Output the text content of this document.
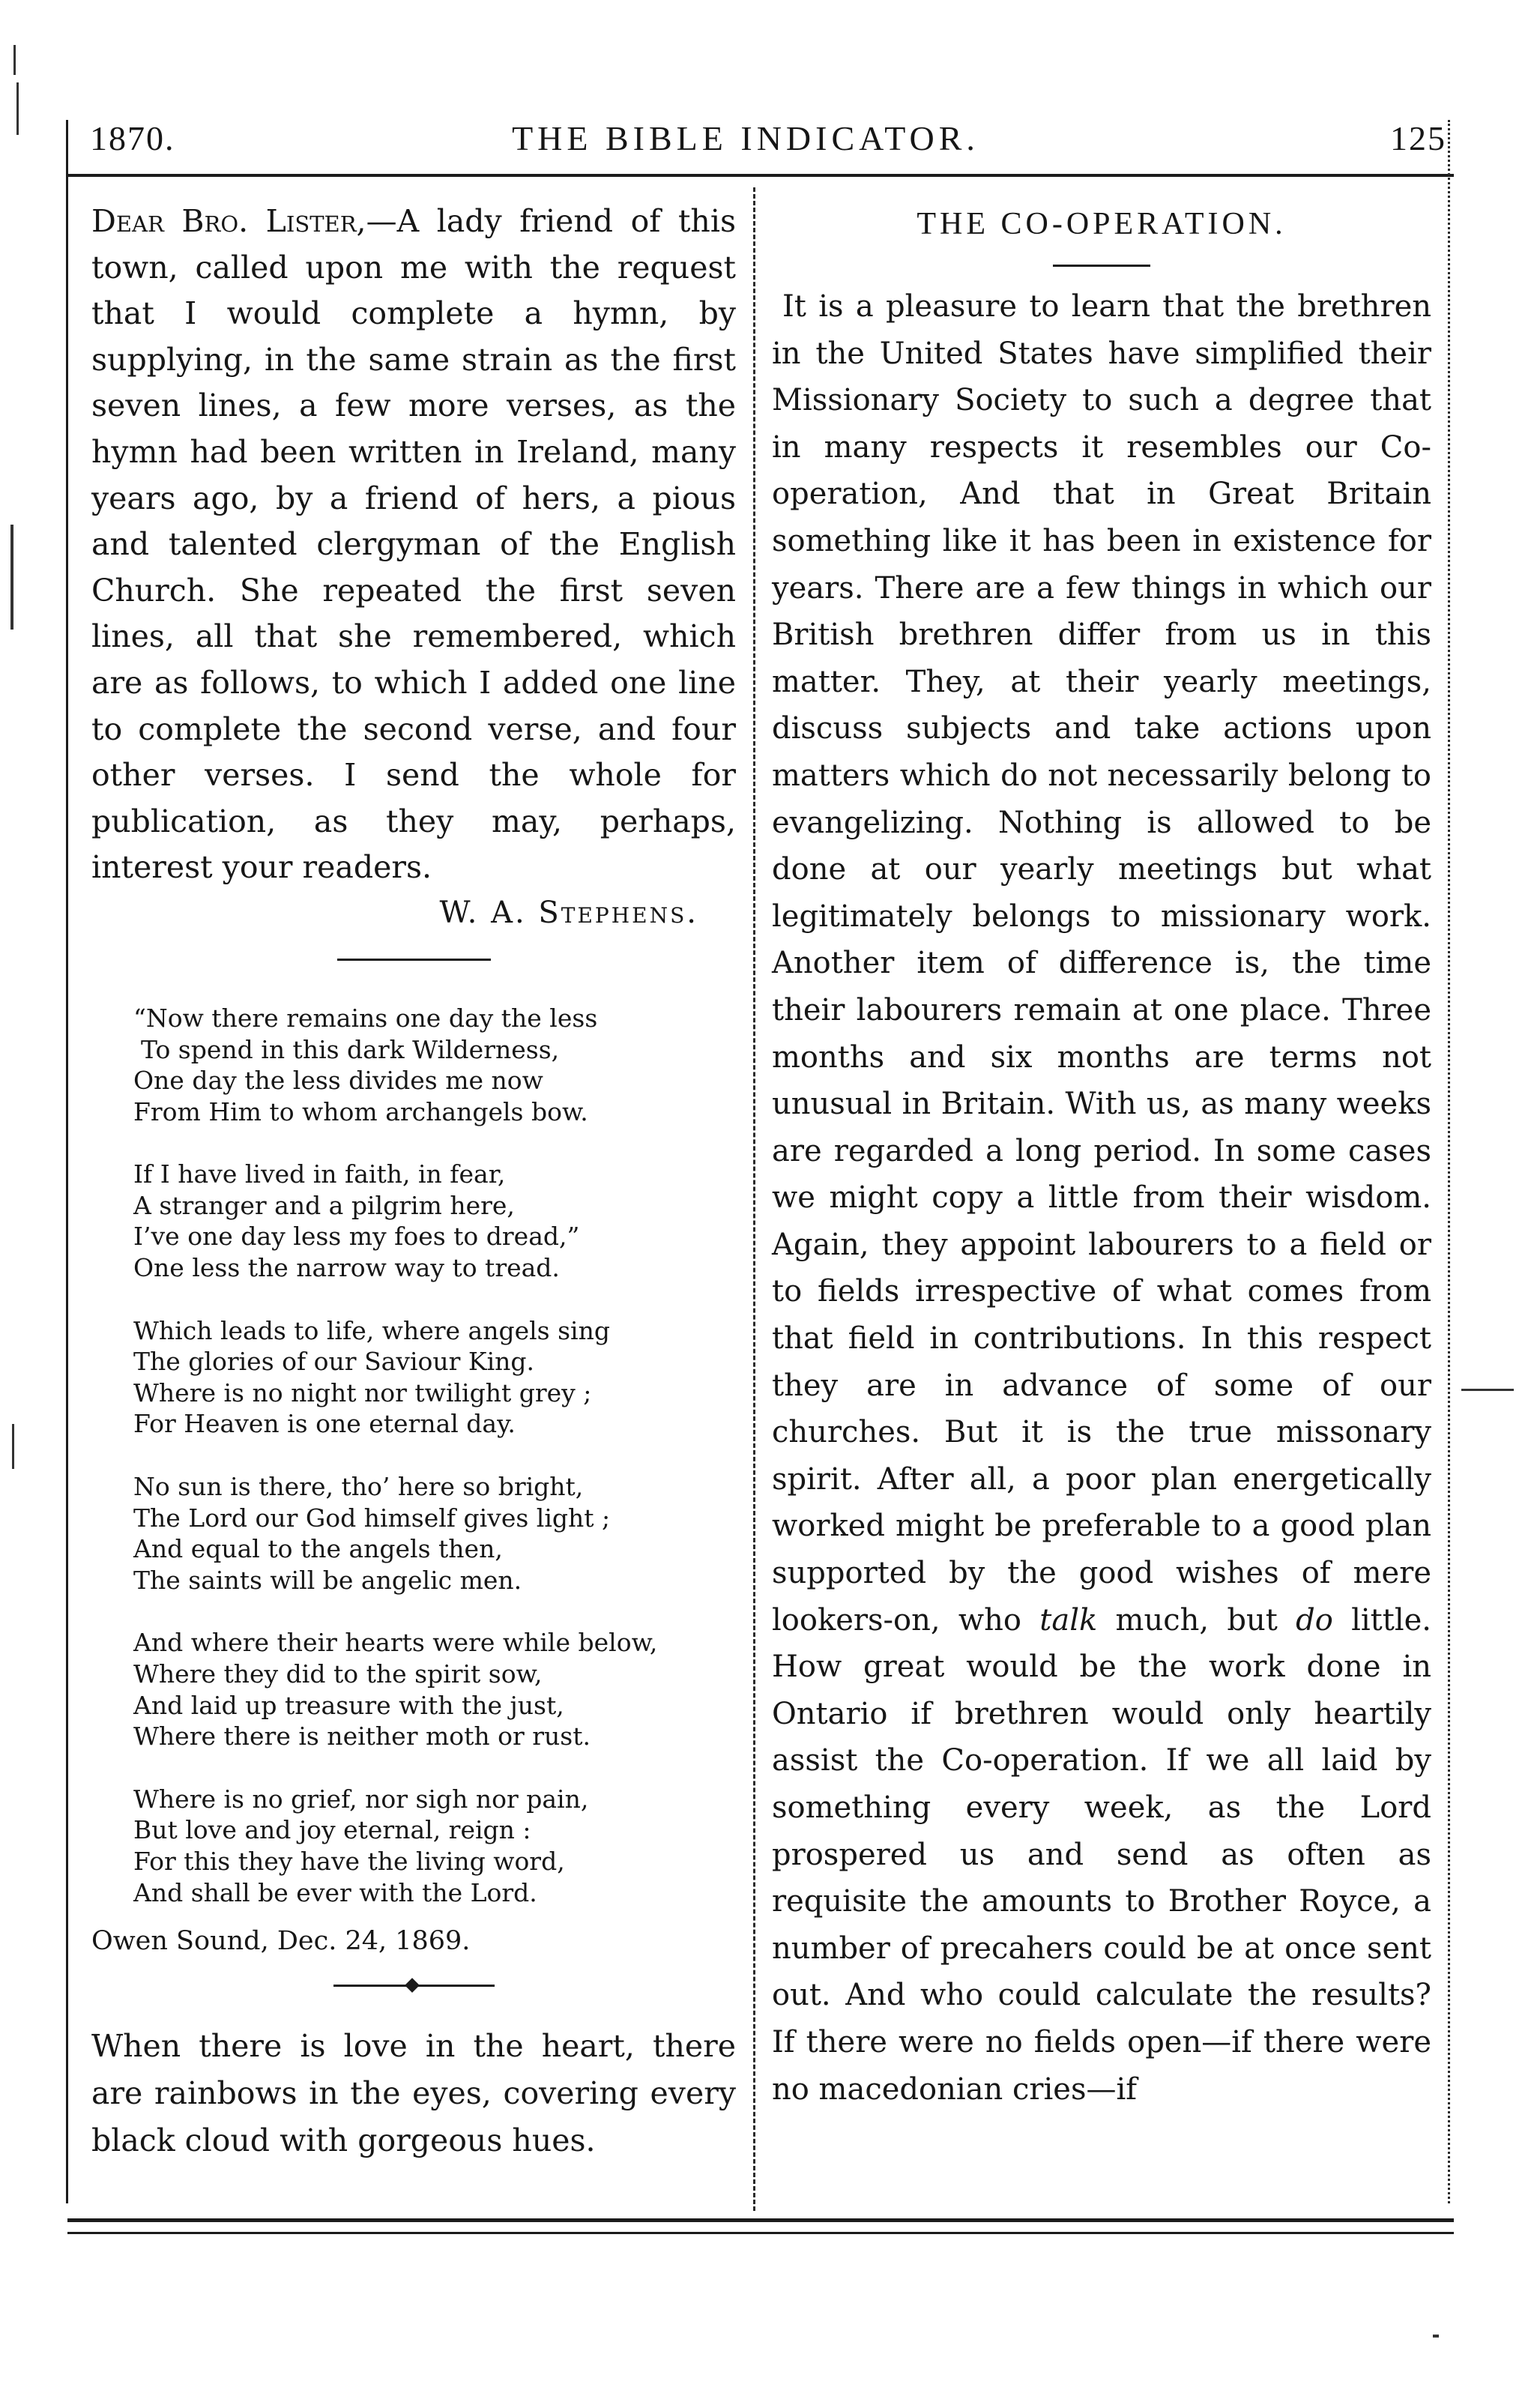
1870.	THE BIBLE INDICATOR.	125

Dear Bro. Lister,—A lady friend of this town, called upon me with the request that I would complete a hymn, by supplying, in the same strain as the first seven lines, a few more verses, as the hymn had been written in Ireland, many years ago, by a friend of hers, a pious and talented clergyman of the English Church. She repeated the first seven lines, all that she remembered, which are as follows, to which I added one line to complete the second verse, and four other verses. I send the whole for publication, as they may, perhaps, interest your readers.

W. A. Stephens.
“Now there remains one day the less
To spend in this dark Wilderness,
One day the less divides me now
From Him to whom archangels bow.
If I have lived in faith, in fear,
A stranger and a pilgrim here,
I’ve one day less my foes to dread,”
One less the narrow way to tread.
Which leads to life, where angels sing
The glories of our Saviour King.
Where is no night nor twilight grey ;
For Heaven is one eternal day.
No sun is there, tho’ here so bright,
The Lord our God himself gives light ;
And equal to the angels then,
The saints will be angelic men.
And where their hearts were while below,
Where they did to the spirit sow,
And laid up treasure with the just,
Where there is neither moth or rust.
Where is no grief, nor sigh nor pain,
But love and joy eternal, reign :
For this they have the living word,
And shall be ever with the Lord.
Owen Sound, Dec. 24, 1869.

When there is love in the heart, there are rainbows in the eyes, covering every black cloud with gorgeous hues.

THE CO-OPERATION.

It is a pleasure to learn that the brethren in the United States have simplified their Missionary Society to such a degree that in many respects it resembles our Co-operation, And that in Great Britain something like it has been in existence for years. There are a few things in which our British brethren differ from us in this matter. They, at their yearly meetings, discuss subjects and take actions upon matters which do not necessarily belong to evangelizing. Nothing is allowed to be done at our yearly meetings but what legitimately belongs to missionary work. Another item of difference is, the time their labourers remain at one place. Three months and six months are terms not unusual in Britain. With us, as many weeks are regarded a long period. In some cases we might copy a little from their wisdom. Again, they appoint labourers to a field or to fields irrespective of what comes from that field in contributions. In this respect they are in advance of some of our churches. But it is the true missonary spirit. After all, a poor plan energetically worked might be preferable to a good plan supported by the good wishes of mere lookers-on, who talk much, but do little. How great would be the work done in Ontario if brethren would only heartily assist the Co-operation. If we all laid by something every week, as the Lord prospered us and send as often as requisite the amounts to Brother Royce, a number of precahers could be at once sent out. And who could calculate the results? If there were no fields open—if there were no macedonian cries—if
